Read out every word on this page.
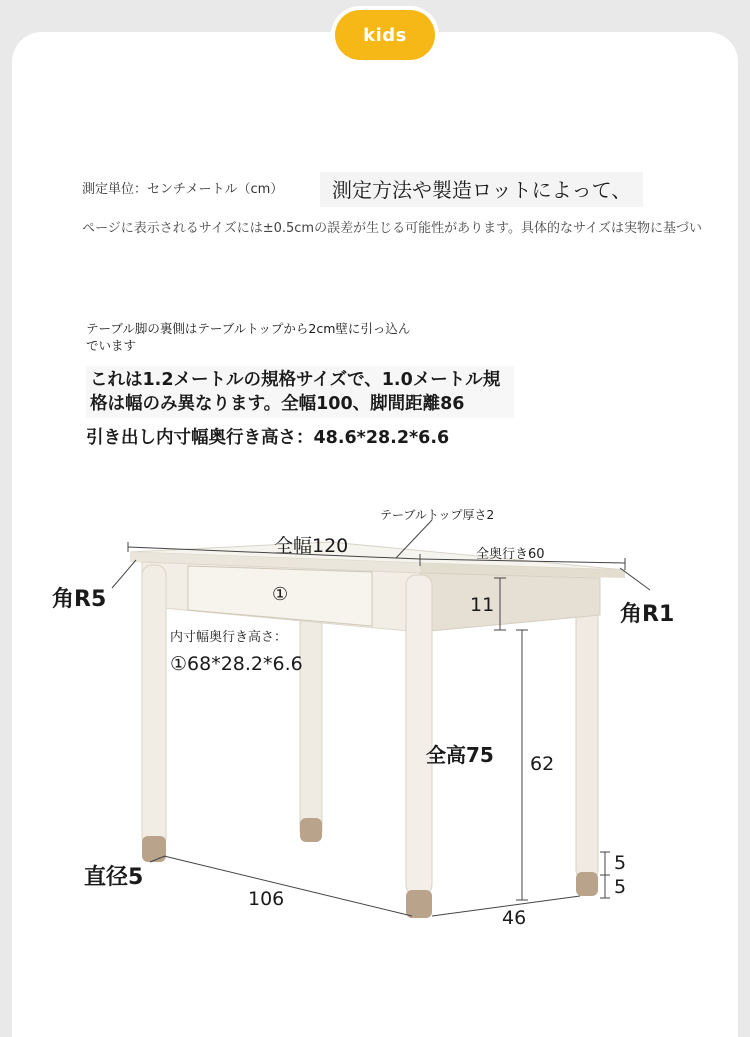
kids
測定単位：センチメートル（cm）	測定方法や製造ロットによって、
ページに表示されるサイズには±0.5cmの誤差が生じる可能性があります。具体的なサイズは実物に基づい
テーブル脚の裏側はテーブルトップから2cm壁に引っ込んでいます
これは1.2メートルの規格サイズで、1.0メートル規格は幅のみ異なります。全幅100、脚間距離86
引き出し内寸幅奥行き高さ：48.6*28.2*6.6
テーブルトップ厚さ2
全幅120	全奥行き60
角R5
角R1
①	11
内寸幅奥行き高さ：
①68*28.2*6.6
全高75 62
5
5
直径5
106
46
